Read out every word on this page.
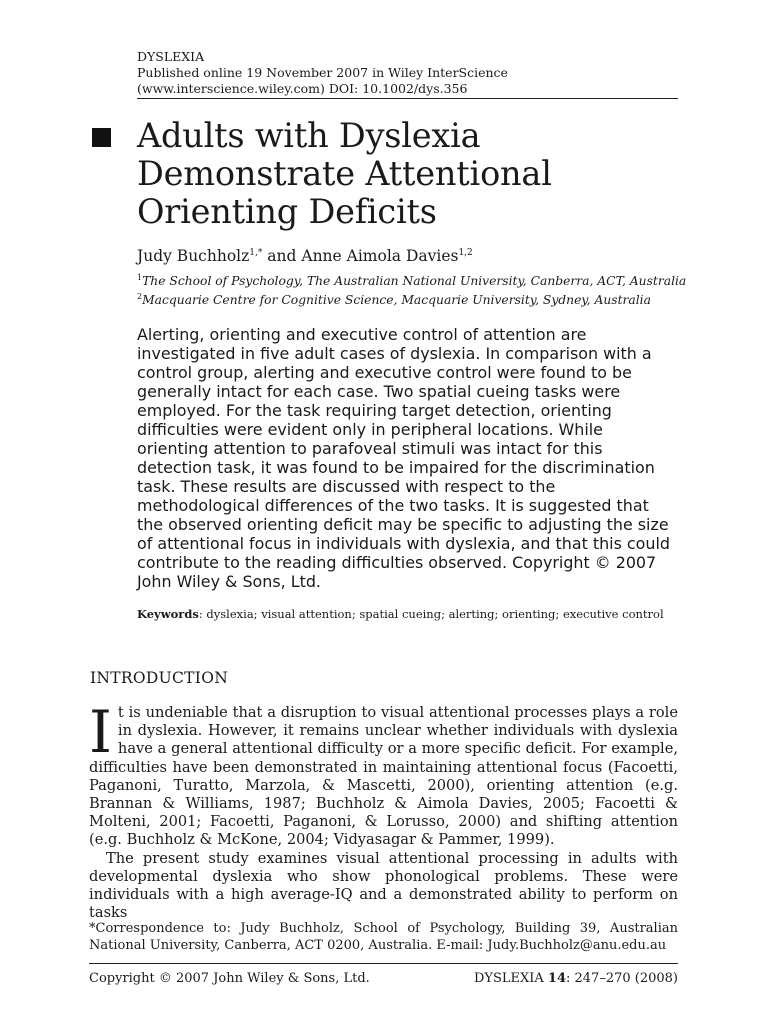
DYSLEXIA
Published online 19 November 2007 in Wiley InterScience
(www.interscience.wiley.com) DOI: 10.1002/dys.356
Adults with Dyslexia
Demonstrate Attentional
Orienting Deficits
Judy Buchholz$^{1,*}$ and Anne Aimola Davies$^{1,2}$
$^1$The School of Psychology, The Australian National University, Canberra, ACT, Australia
$^2$Macquarie Centre for Cognitive Science, Macquarie University, Sydney, Australia

Alerting, orienting and executive control of attention are investigated in five adult cases of dyslexia. In comparison with a control group, alerting and executive control were found to be generally intact for each case. Two spatial cueing tasks were employed. For the task requiring target detection, orienting difficulties were evident only in peripheral locations. While orienting attention to parafoveal stimuli was intact for this detection task, it was found to be impaired for the discrimination task. These results are discussed with respect to the methodological differences of the two tasks. It is suggested that the observed orienting deficit may be specific to adjusting the size of attentional focus in individuals with dyslexia, and that this could contribute to the reading difficulties observed. Copyright © 2007 John Wiley & Sons, Ltd.

Keywords: dyslexia; visual attention; spatial cueing; alerting; orienting; executive control
INTRODUCTION

It is undeniable that a disruption to visual attentional processes plays a role in dyslexia. However, it remains unclear whether individuals with dyslexia have a general attentional difficulty or a more specific deficit. For example, difficulties have been demonstrated in maintaining attentional focus (Facoetti, Paganoni, Turatto, Marzola, & Mascetti, 2000), orienting attention (e.g. Brannan & Williams, 1987; Buchholz & Aimola Davies, 2005; Facoetti & Molteni, 2001; Facoetti, Paganoni, & Lorusso, 2000) and shifting attention (e.g. Buchholz & McKone, 2004; Vidyasagar & Pammer, 1999).

The present study examines visual attentional processing in adults with developmental dyslexia who show phonological problems. These were individuals with a high average-IQ and a demonstrated ability to perform on tasks

*Correspondence to: Judy Buchholz, School of Psychology, Building 39, Australian National University, Canberra, ACT 0200, Australia. E-mail: Judy.Buchholz@anu.edu.au
Copyright © 2007 John Wiley & Sons, Ltd.	DYSLEXIA 14: 247–270 (2008)
